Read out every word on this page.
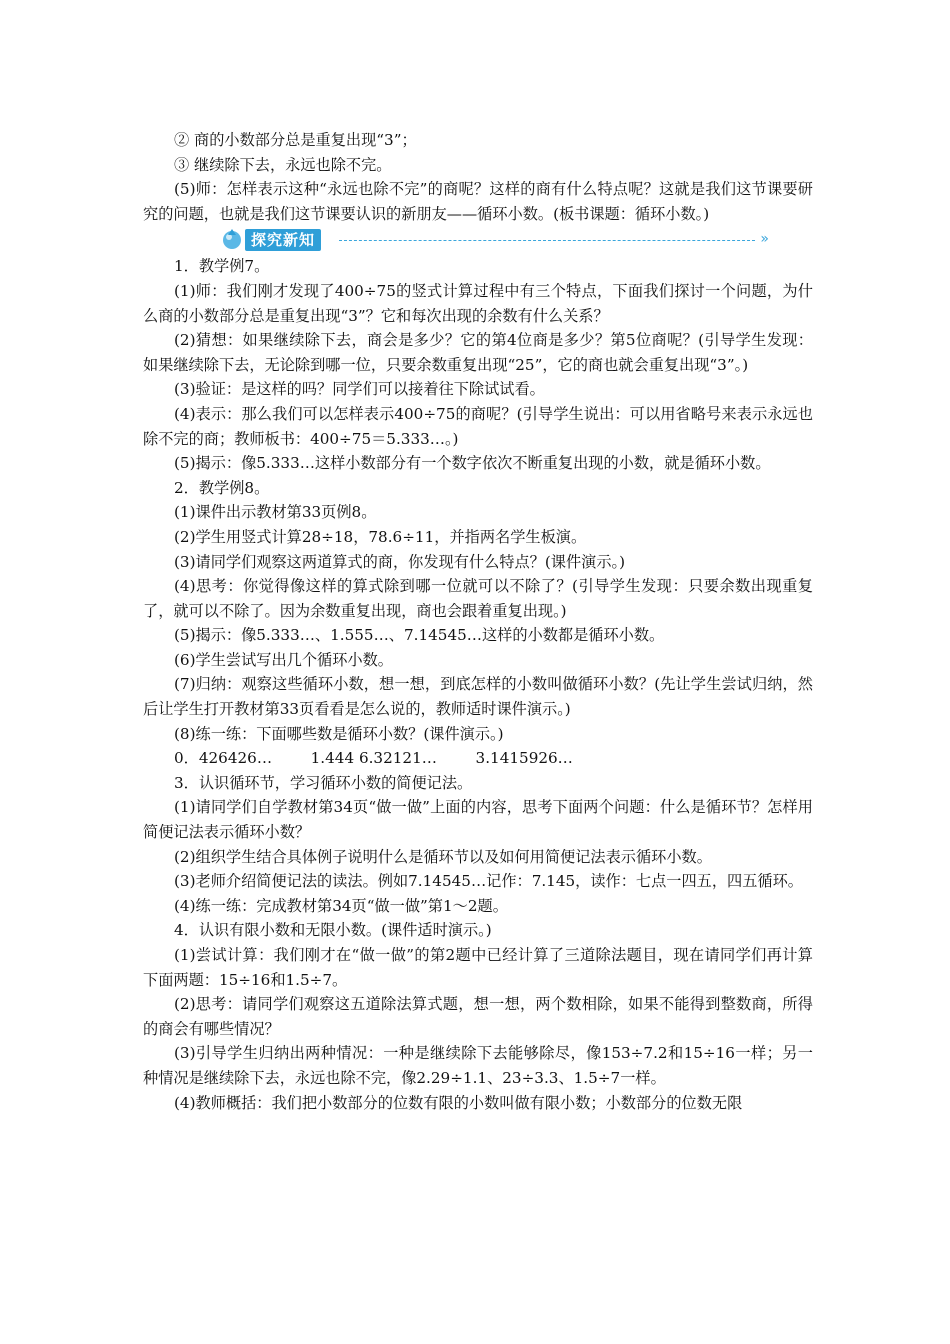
② 商的小数部分总是重复出现“3”；

③ 继续除下去，永远也除不完。

(5)师：怎样表示这种“永远也除不完”的商呢？这样的商有什么特点呢？这就是我们这节课要研究的问题，也就是我们这节课要认识的新朋友——循环小数。(板书课题：循环小数。)

探究新知	»

1．教学例7。

(1)师：我们刚才发现了400÷75的竖式计算过程中有三个特点，下面我们探讨一个问题，为什么商的小数部分总是重复出现“3”？它和每次出现的余数有什么关系？

(2)猜想：如果继续除下去，商会是多少？它的第4位商是多少？第5位商呢？(引导学生发现：如果继续除下去，无论除到哪一位，只要余数重复出现“25”，它的商也就会重复出现“3”。)

(3)验证：是这样的吗？同学们可以接着往下除试试看。

(4)表示：那么我们可以怎样表示400÷75的商呢？(引导学生说出：可以用省略号来表示永远也除不完的商；教师板书：400÷75＝5.333…。)

(5)揭示：像5.333…这样小数部分有一个数字依次不断重复出现的小数，就是循环小数。

2．教学例8。

(1)课件出示教材第33页例8。

(2)学生用竖式计算28÷18，78.6÷11，并指两名学生板演。

(3)请同学们观察这两道算式的商，你发现有什么特点？(课件演示。)

(4)思考：你觉得像这样的算式除到哪一位就可以不除了？(引导学生发现：只要余数出现重复了，就可以不除了。因为余数重复出现，商也会跟着重复出现。)

(5)揭示：像5.333…、1.555…、7.14545…这样的小数都是循环小数。

(6)学生尝试写出几个循环小数。

(7)归纳：观察这些循环小数，想一想，到底怎样的小数叫做循环小数？(先让学生尝试归纳，然后让学生打开教材第33页看看是怎么说的，教师适时课件演示。)

(8)练一练：下面哪些数是循环小数？(课件演示。)

0．426426…        1.444 6.32121…        3.1415926…

3．认识循环节，学习循环小数的简便记法。

(1)请同学们自学教材第34页“做一做”上面的内容，思考下面两个问题：什么是循环节？怎样用简便记法表示循环小数？

(2)组织学生结合具体例子说明什么是循环节以及如何用简便记法表示循环小数。

(3)老师介绍简便记法的读法。例如7.14545…记作：7.145，读作：七点一四五，四五循环。

(4)练一练：完成教材第34页“做一做”第1～2题。

4．认识有限小数和无限小数。(课件适时演示。)

(1)尝试计算：我们刚才在“做一做”的第2题中已经计算了三道除法题目，现在请同学们再计算下面两题：15÷16和1.5÷7。

(2)思考：请同学们观察这五道除法算式题，想一想，两个数相除，如果不能得到整数商，所得的商会有哪些情况？

(3)引导学生归纳出两种情况：一种是继续除下去能够除尽，像153÷7.2和15÷16一样；另一种情况是继续除下去，永远也除不完，像2.29÷1.1、23÷3.3、1.5÷7一样。

(4)教师概括：我们把小数部分的位数有限的小数叫做有限小数；小数部分的位数无限
